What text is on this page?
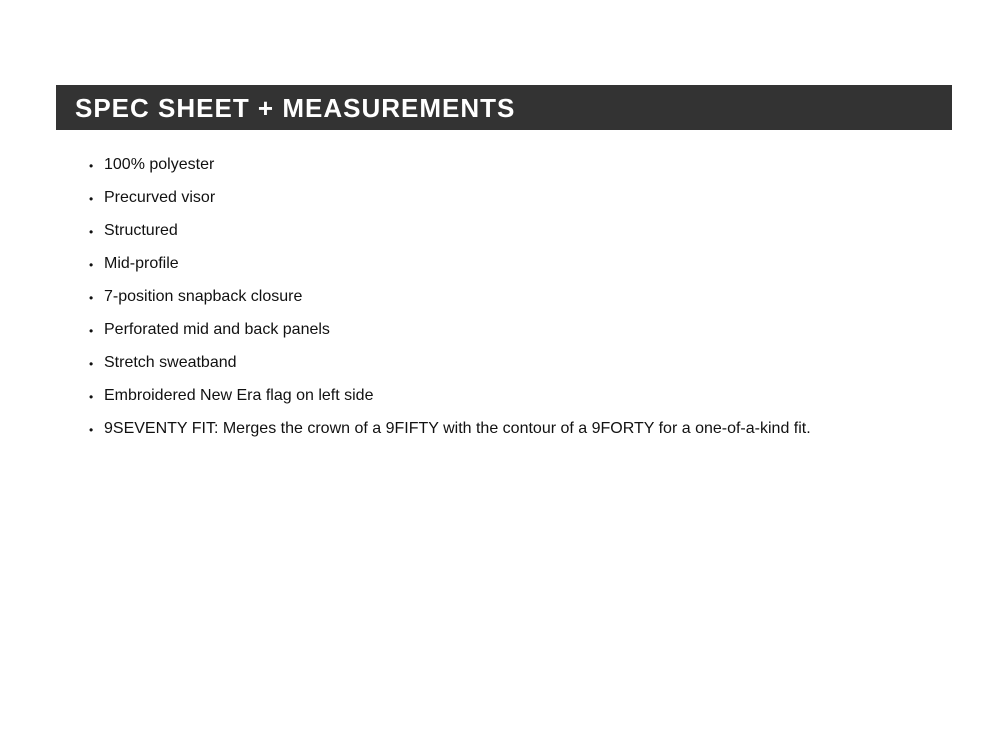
SPEC SHEET + MEASUREMENTS
• 100% polyester
• Precurved visor
• Structured
• Mid-profile
• 7-position snapback closure
• Perforated mid and back panels
• Stretch sweatband
• Embroidered New Era flag on left side
• 9SEVENTY FIT: Merges the crown of a 9FIFTY with the contour of a 9FORTY for a one-of-a-kind fit.
